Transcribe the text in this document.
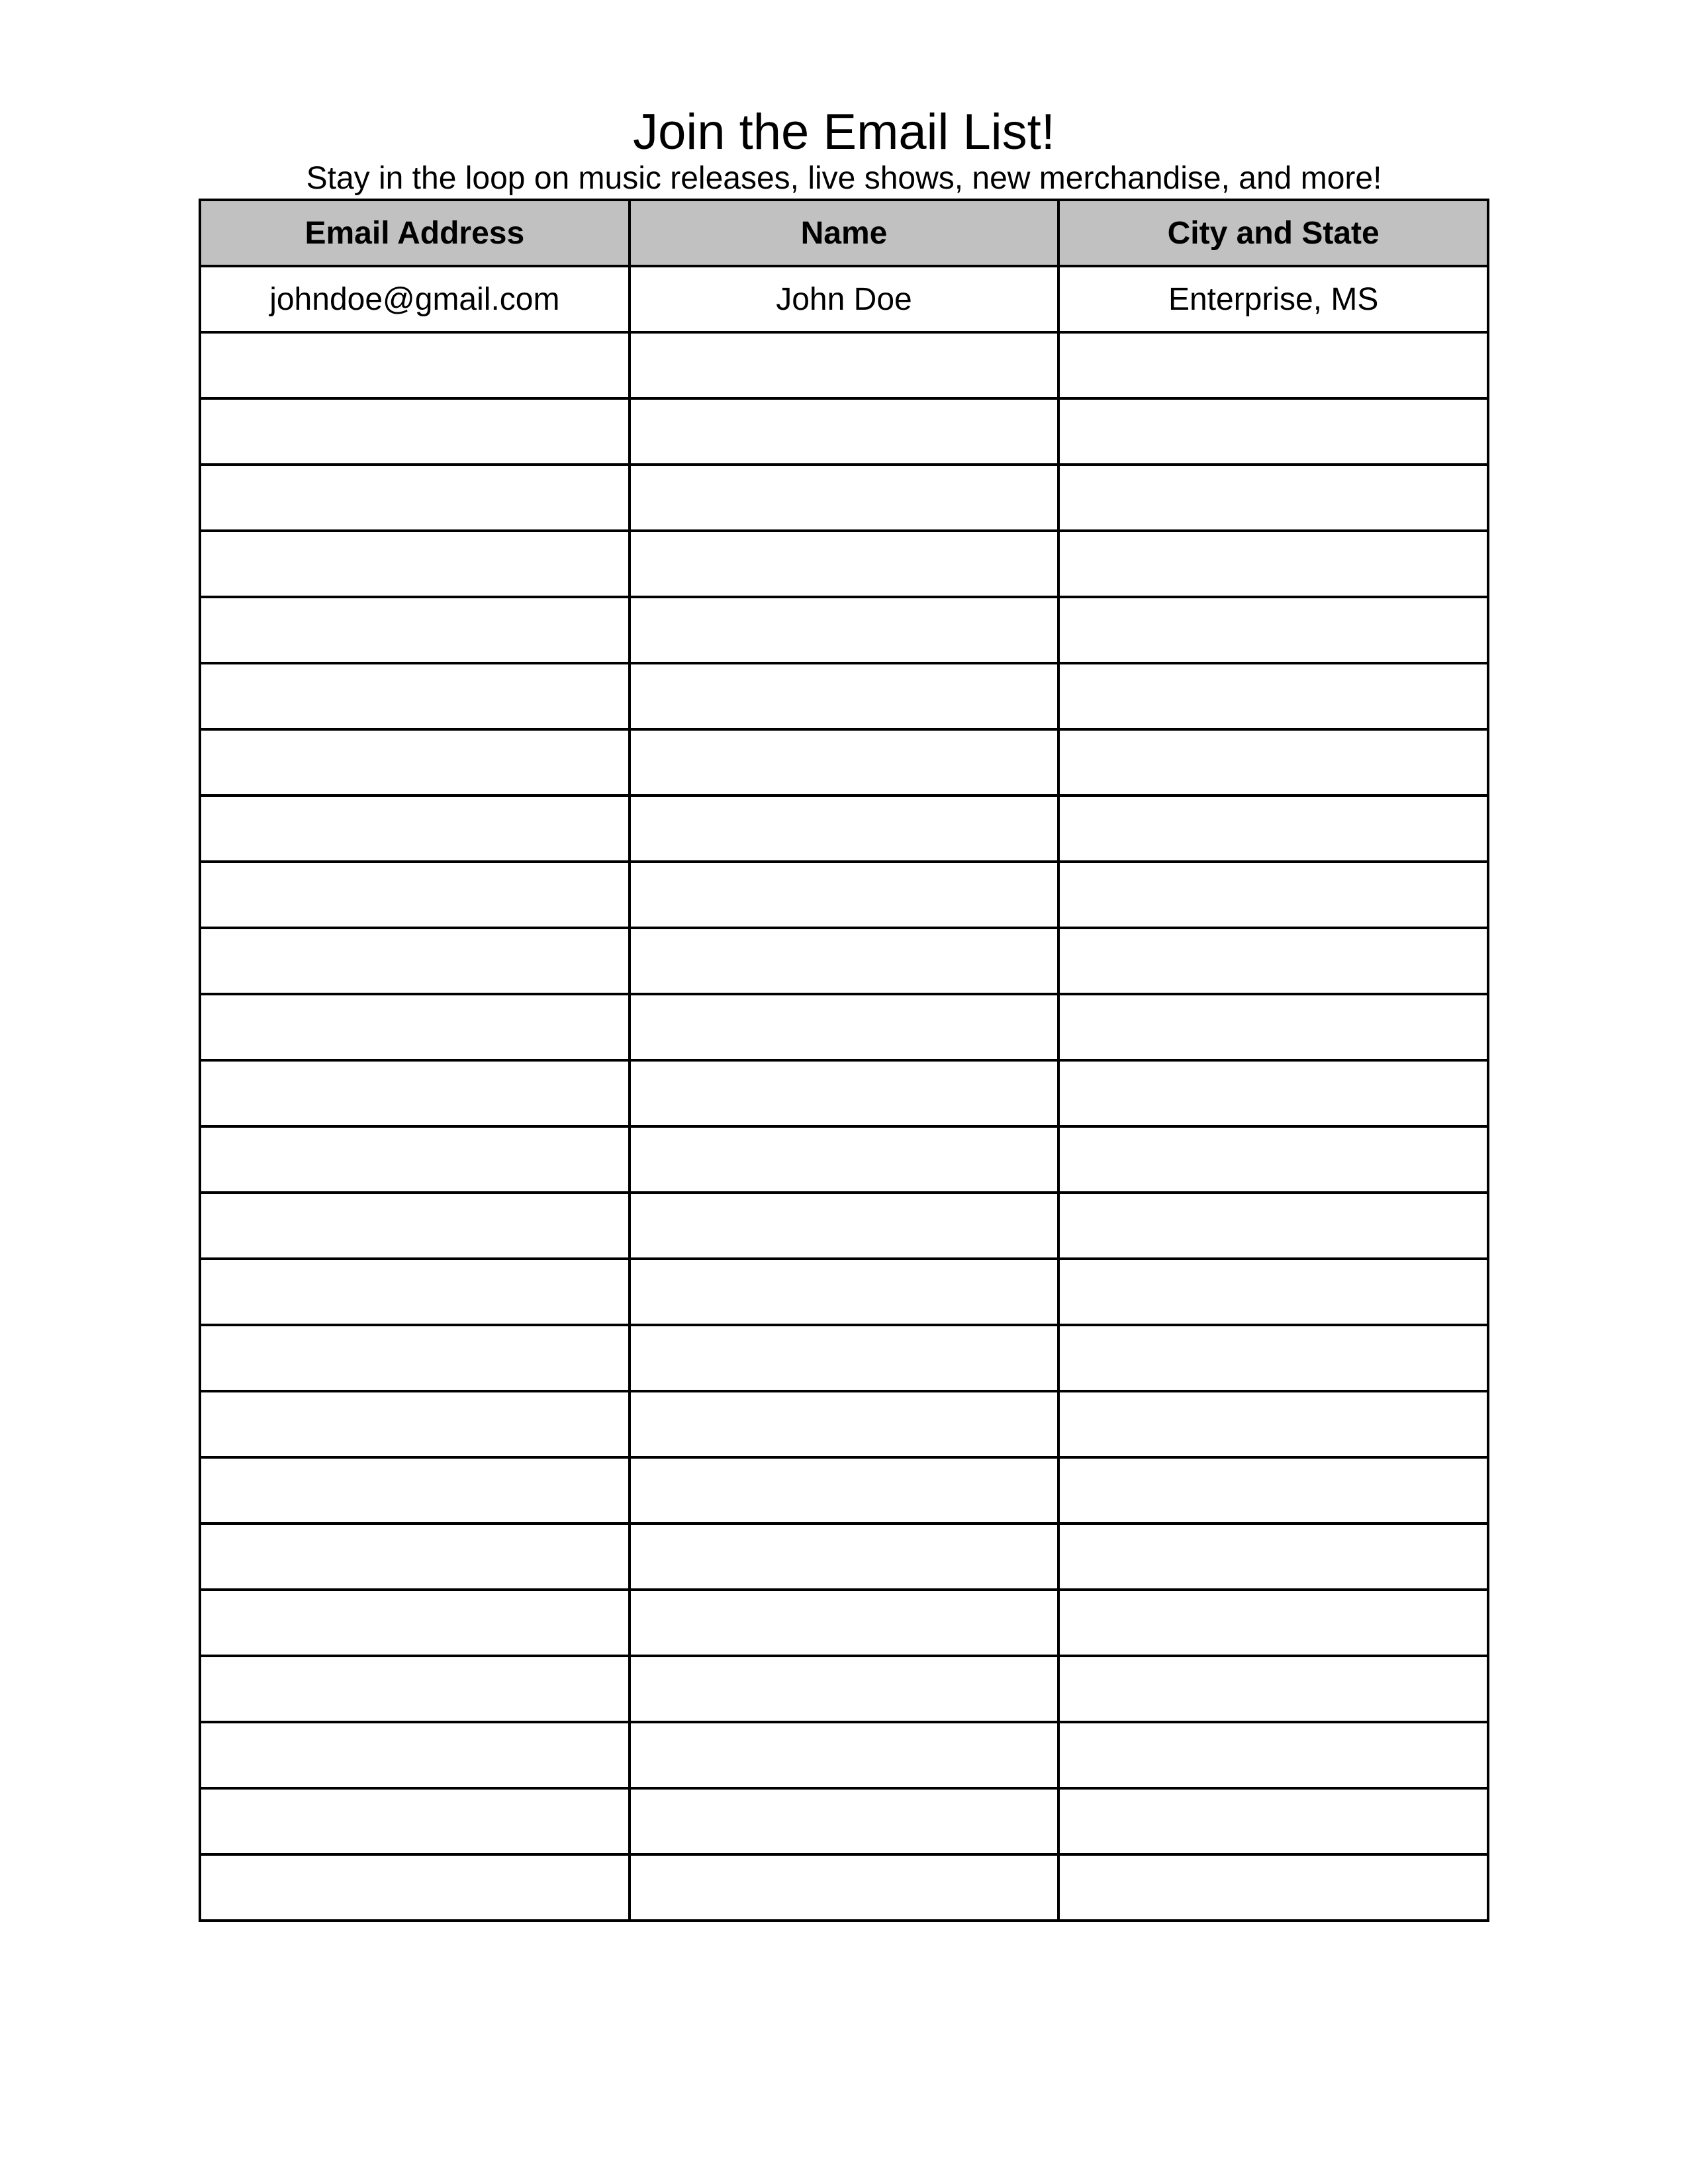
Join the Email List!

Stay in the loop on music releases, live shows, new merchandise, and more!

Email Address	Name	City and State
johndoe@gmail.com	John Doe	Enterprise, MS
